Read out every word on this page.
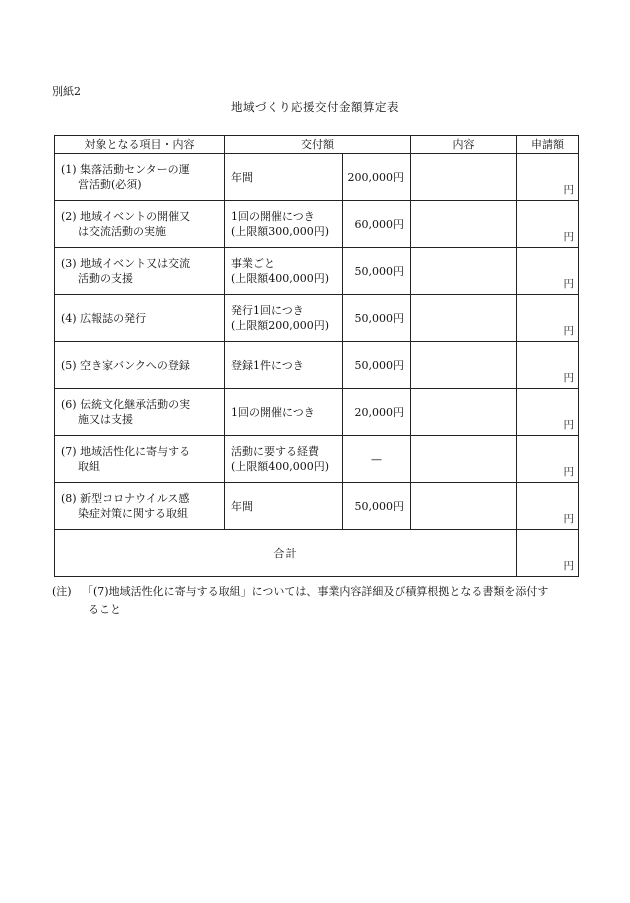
別紙2
地域づくり応援交付金額算定表
対象となる項目・内容	交付額		内容	申請額

(1) 集落活動センターの運
営活動(必須)	年間	200,000円		円

(2) 地域イベントの開催又
は交流活動の実施	1回の開催につき
(上限額300,000円)	60,000円		円

(3) 地域イベント又は交流
活動の支援	事業ごと
(上限額400,000円)	50,000円		円

(4) 広報誌の発行	発行1回につき
(上限額200,000円)	50,000円		円

(5) 空き家バンクへの登録	登録1件につき	50,000円		円

(6) 伝統文化継承活動の実
施又は支援	1回の開催につき	20,000円		円

(7) 地域活性化に寄与する
取組	活動に要する経費
(上限額400,000円)	—		円

(8) 新型コロナウイルス感
染症対策に関する取組	年間	50,000円		円

合計				円
(注) 「(7)地域活性化に寄与する取組」については、事業内容詳細及び積算根拠となる書類を添付す
ること
